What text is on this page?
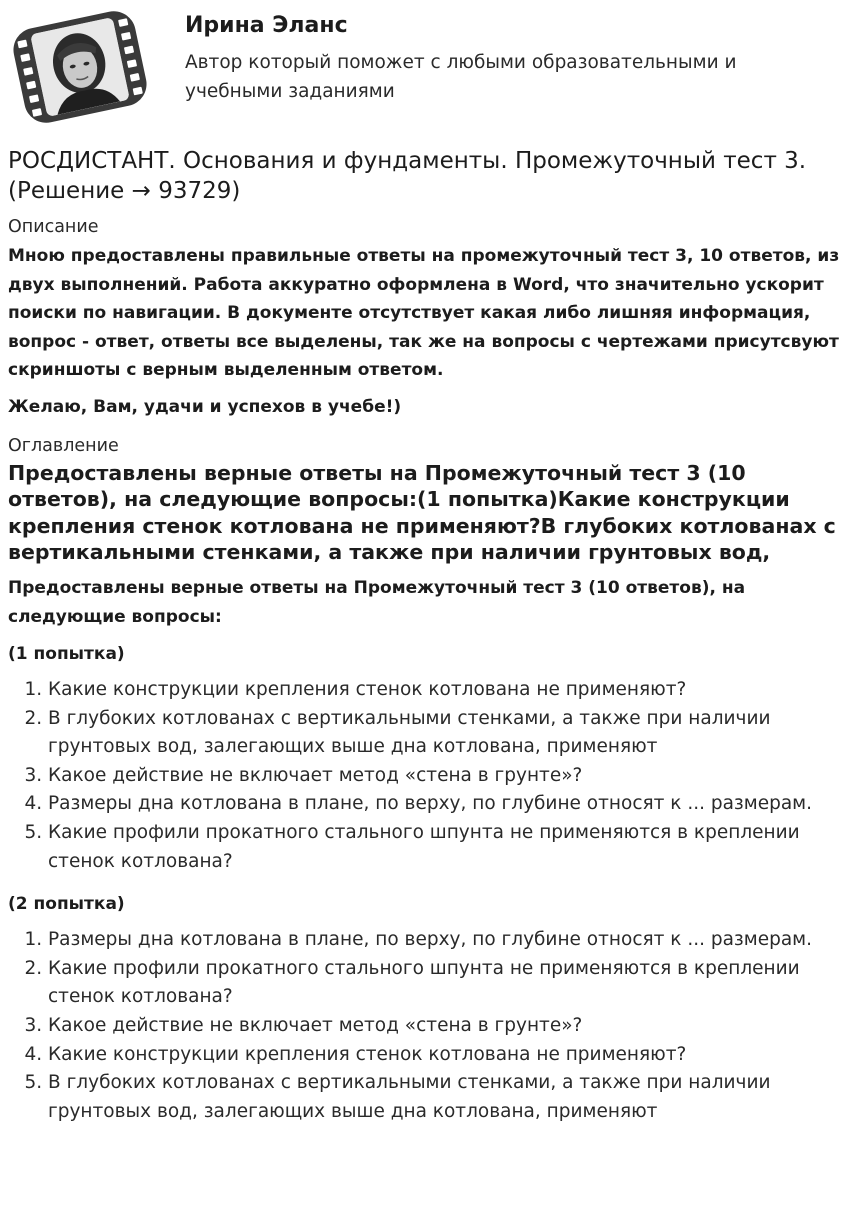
Ирина Эланс
Автор который поможет с любыми образовательными и учебными заданиями
РОСДИСТАНТ. Основания и фундаменты. Промежуточный тест 3. (Решение → 93729)
Описание
Мною предоставлены правильные ответы на промежуточный тест 3, 10 ответов, из двух выполнений. Работа аккуратно оформлена в Word, что значительно ускорит поиски по навигации. В документе отсутствует какая либо лишняя информация, вопрос - ответ, ответы все выделены, так же на вопросы с чертежами присутсвуют скриншоты с верным выделенным ответом.
Желаю, Вам, удачи и успехов в учебе!)
Оглавление
Предоставлены верные ответы на Промежуточный тест 3 (10 ответов), на следующие вопросы:(1 попытка)Какие конструкции крепления стенок котлована не применяют?В глубоких котлованах с вертикальными стенками, а также при наличии грунтовых вод,
Предоставлены верные ответы на Промежуточный тест 3 (10 ответов), на следующие вопросы:
(1 попытка)
1. Какие конструкции крепления стенок котлована не применяют?
2. В глубоких котлованах с вертикальными стенками, а также при наличии грунтовых вод, залегающих выше дна котлована, применяют
3. Какое действие не включает метод «стена в грунте»?
4. Размеры дна котлована в плане, по верху, по глубине относят к ... размерам.
5. Какие профили прокатного стального шпунта не применяются в креплении стенок котлована?
(2 попытка)
1. Размеры дна котлована в плане, по верху, по глубине относят к ... размерам.
2. Какие профили прокатного стального шпунта не применяются в креплении стенок котлована?
3. Какое действие не включает метод «стена в грунте»?
4. Какие конструкции крепления стенок котлована не применяют?
5. В глубоких котлованах с вертикальными стенками, а также при наличии грунтовых вод, залегающих выше дна котлована, применяют
